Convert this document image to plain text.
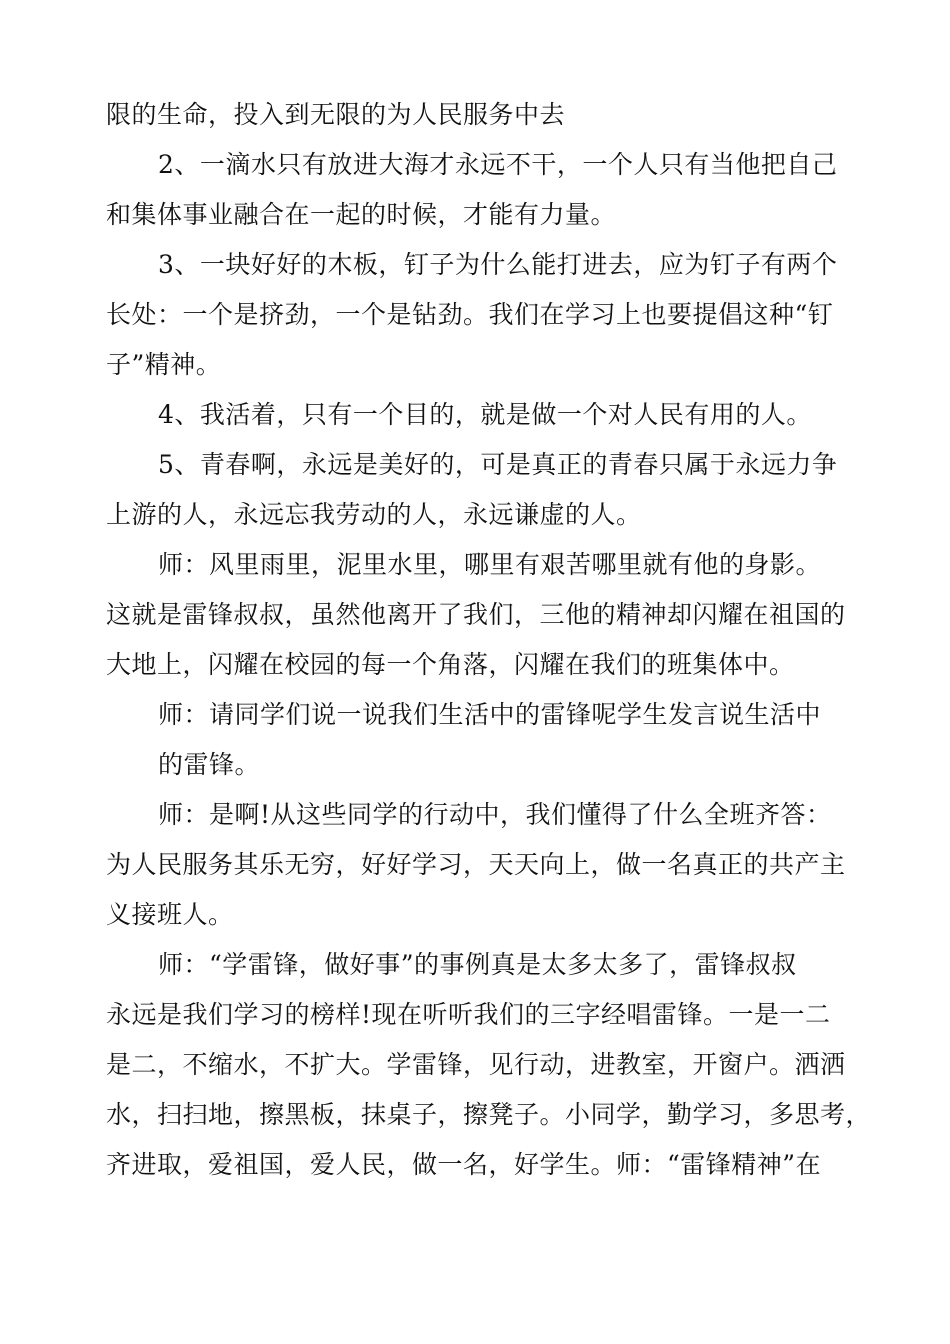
限的生命，投入到无限的为人民服务中去
2、一滴水只有放进大海才永远不干，一个人只有当他把自己
和集体事业融合在一起的时候，才能有力量。
3、一块好好的木板，钉子为什么能打进去，应为钉子有两个
长处：一个是挤劲，一个是钻劲。我们在学习上也要提倡这种“钉
子”精神。
4、我活着，只有一个目的，就是做一个对人民有用的人。
5、青春啊，永远是美好的，可是真正的青春只属于永远力争
上游的人，永远忘我劳动的人，永远谦虚的人。
师：风里雨里，泥里水里，哪里有艰苦哪里就有他的身影。
这就是雷锋叔叔，虽然他离开了我们，三他的精神却闪耀在祖国的
大地上，闪耀在校园的每一个角落，闪耀在我们的班集体中。
师：请同学们说一说我们生活中的雷锋呢学生发言说生活中
的雷锋。
师：是啊!从这些同学的行动中，我们懂得了什么全班齐答：
为人民服务其乐无穷，好好学习，天天向上，做一名真正的共产主
义接班人。
师：“学雷锋，做好事”的事例真是太多太多了，雷锋叔叔
永远是我们学习的榜样!现在听听我们的三字经唱雷锋。一是一二
是二，不缩水，不扩大。学雷锋，见行动，进教室，开窗户。洒洒
水，扫扫地，擦黑板，抹桌子，擦凳子。小同学，勤学习，多思考，
齐进取，爱祖国，爱人民，做一名，好学生。师：“雷锋精神”在
